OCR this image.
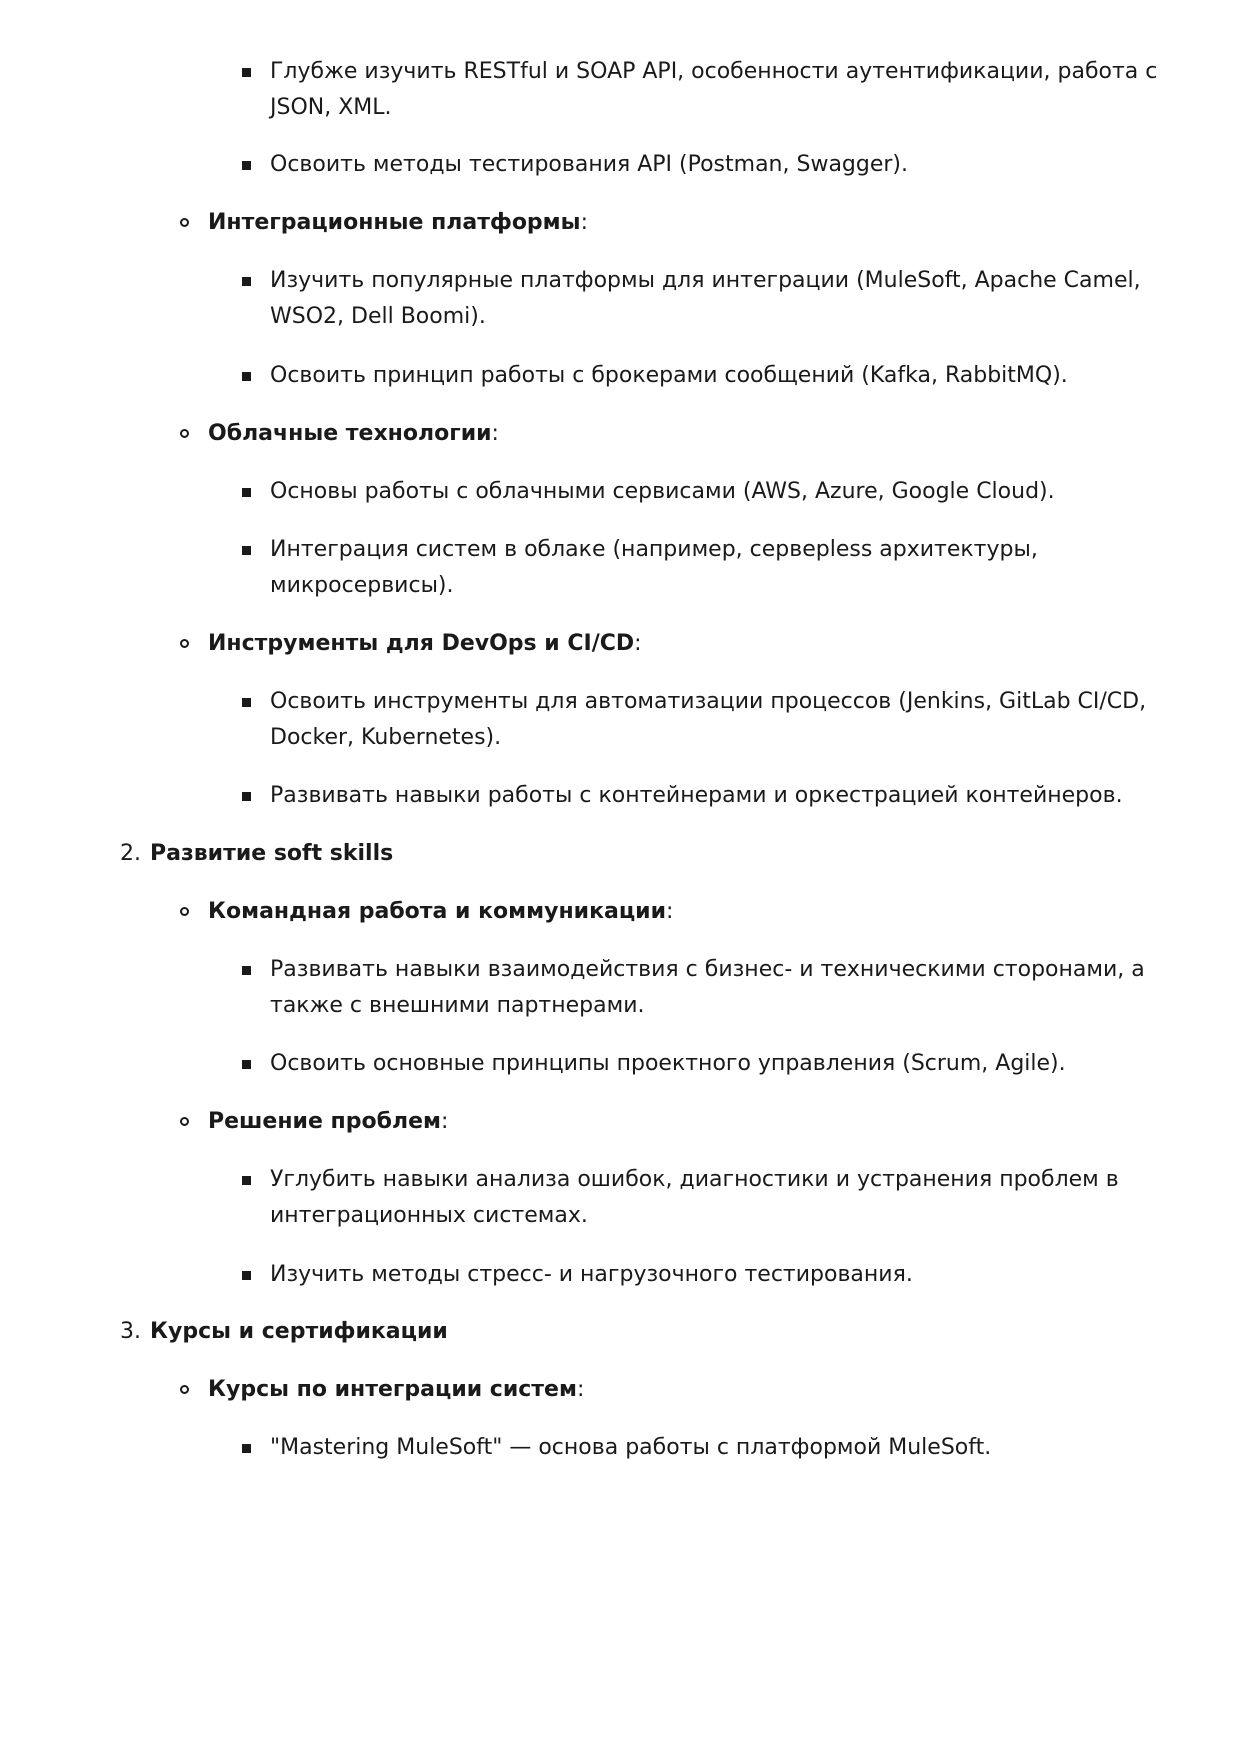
Глубже изучить RESTful и SOAP API, особенности аутентификации, работа с
JSON, XML.
Освоить методы тестирования API (Postman, Swagger).
Интеграционные платформы:
Изучить популярные платформы для интеграции (MuleSoft, Apache Camel,
WSO2, Dell Boomi).
Освоить принцип работы с брокерами сообщений (Kafka, RabbitMQ).
Облачные технологии:
Основы работы с облачными сервисами (AWS, Azure, Google Cloud).
Интеграция систем в облаке (например, серверless архитектуры,
микросервисы).
Инструменты для DevOps и CI/CD:
Освоить инструменты для автоматизации процессов (Jenkins, GitLab CI/CD,
Docker, Kubernetes).
Развивать навыки работы с контейнерами и оркестрацией контейнеров.
2. Развитие soft skills
Командная работа и коммуникации:
Развивать навыки взаимодействия с бизнес- и техническими сторонами, а
также с внешними партнерами.
Освоить основные принципы проектного управления (Scrum, Agile).
Решение проблем:
Углубить навыки анализа ошибок, диагностики и устранения проблем в
интеграционных системах.
Изучить методы стресс- и нагрузочного тестирования.
3. Курсы и сертификации
Курсы по интеграции систем:
"Mastering MuleSoft" — основа работы с платформой MuleSoft.
